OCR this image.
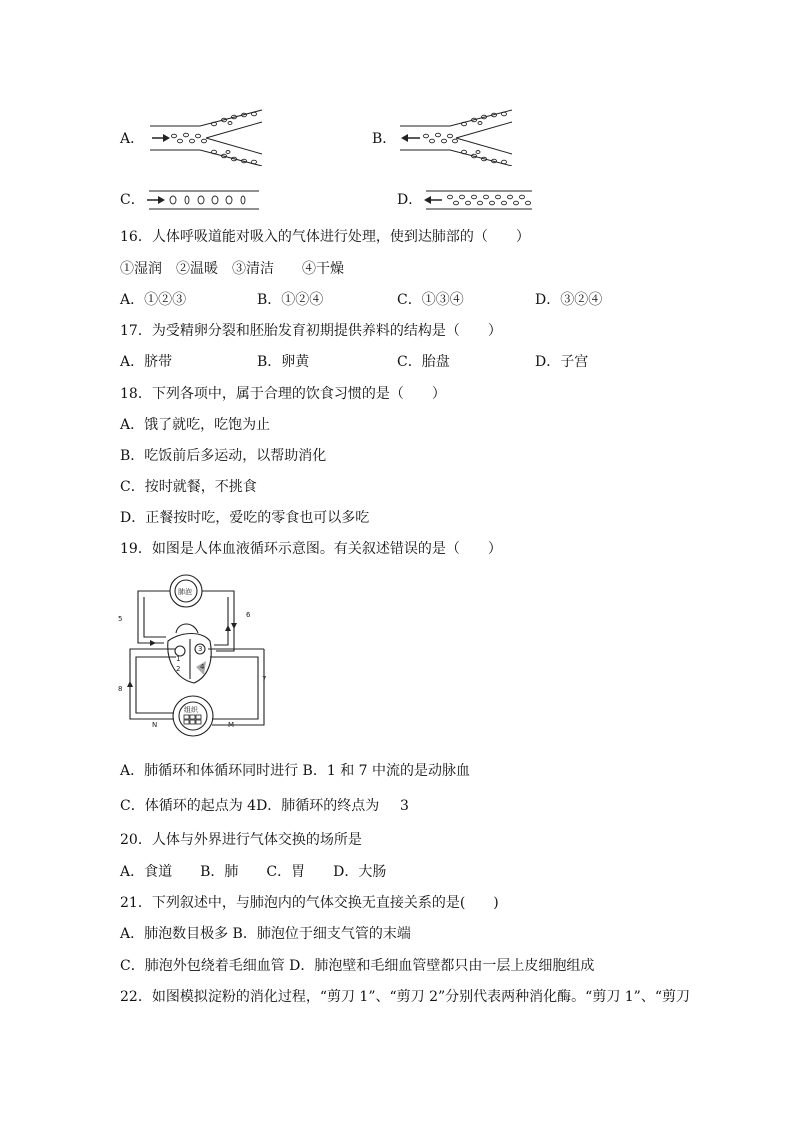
A．	B．
C．	D．
16．人体呼吸道能对吸入的气体进行处理，使到达肺部的（　　）
①湿润　②温暖　③清洁　　④干燥
A．①②③	B．①②④	C．①③④	D．③②④
17．为受精卵分裂和胚胎发育初期提供养料的结构是（　　）
A．脐带	B．卵黄	C．胎盘	D．子宫
18．下列各项中，属于合理的饮食习惯的是（　　）
A．饿了就吃，吃饱为止
B．吃饭前后多运动，以帮助消化
C．按时就餐，不挑食
D．正餐按时吃，爱吃的零食也可以多吃
19．如图是人体血液循环示意图。有关叙述错误的是（　　）
肺泡
组织
1
2
3
4
5	6
7
8
N	M
A．肺循环和体循环同时进行 B．1 和 7 中流的是动脉血
C．体循环的起点为 4D．肺循环的终点为 3
20．人体与外界进行气体交换的场所是
A．食道　　B．肺　　C．胃　　D．大肠
21．下列叙述中，与肺泡内的气体交换无直接关系的是(　　)
A．肺泡数目极多 B．肺泡位于细支气管的末端
C．肺泡外包绕着毛细血管 D．肺泡壁和毛细血管壁都只由一层上皮细胞组成
22．如图模拟淀粉的消化过程，“剪刀 1”、“剪刀 2”分别代表两种消化酶。“剪刀 1”、“剪刀
